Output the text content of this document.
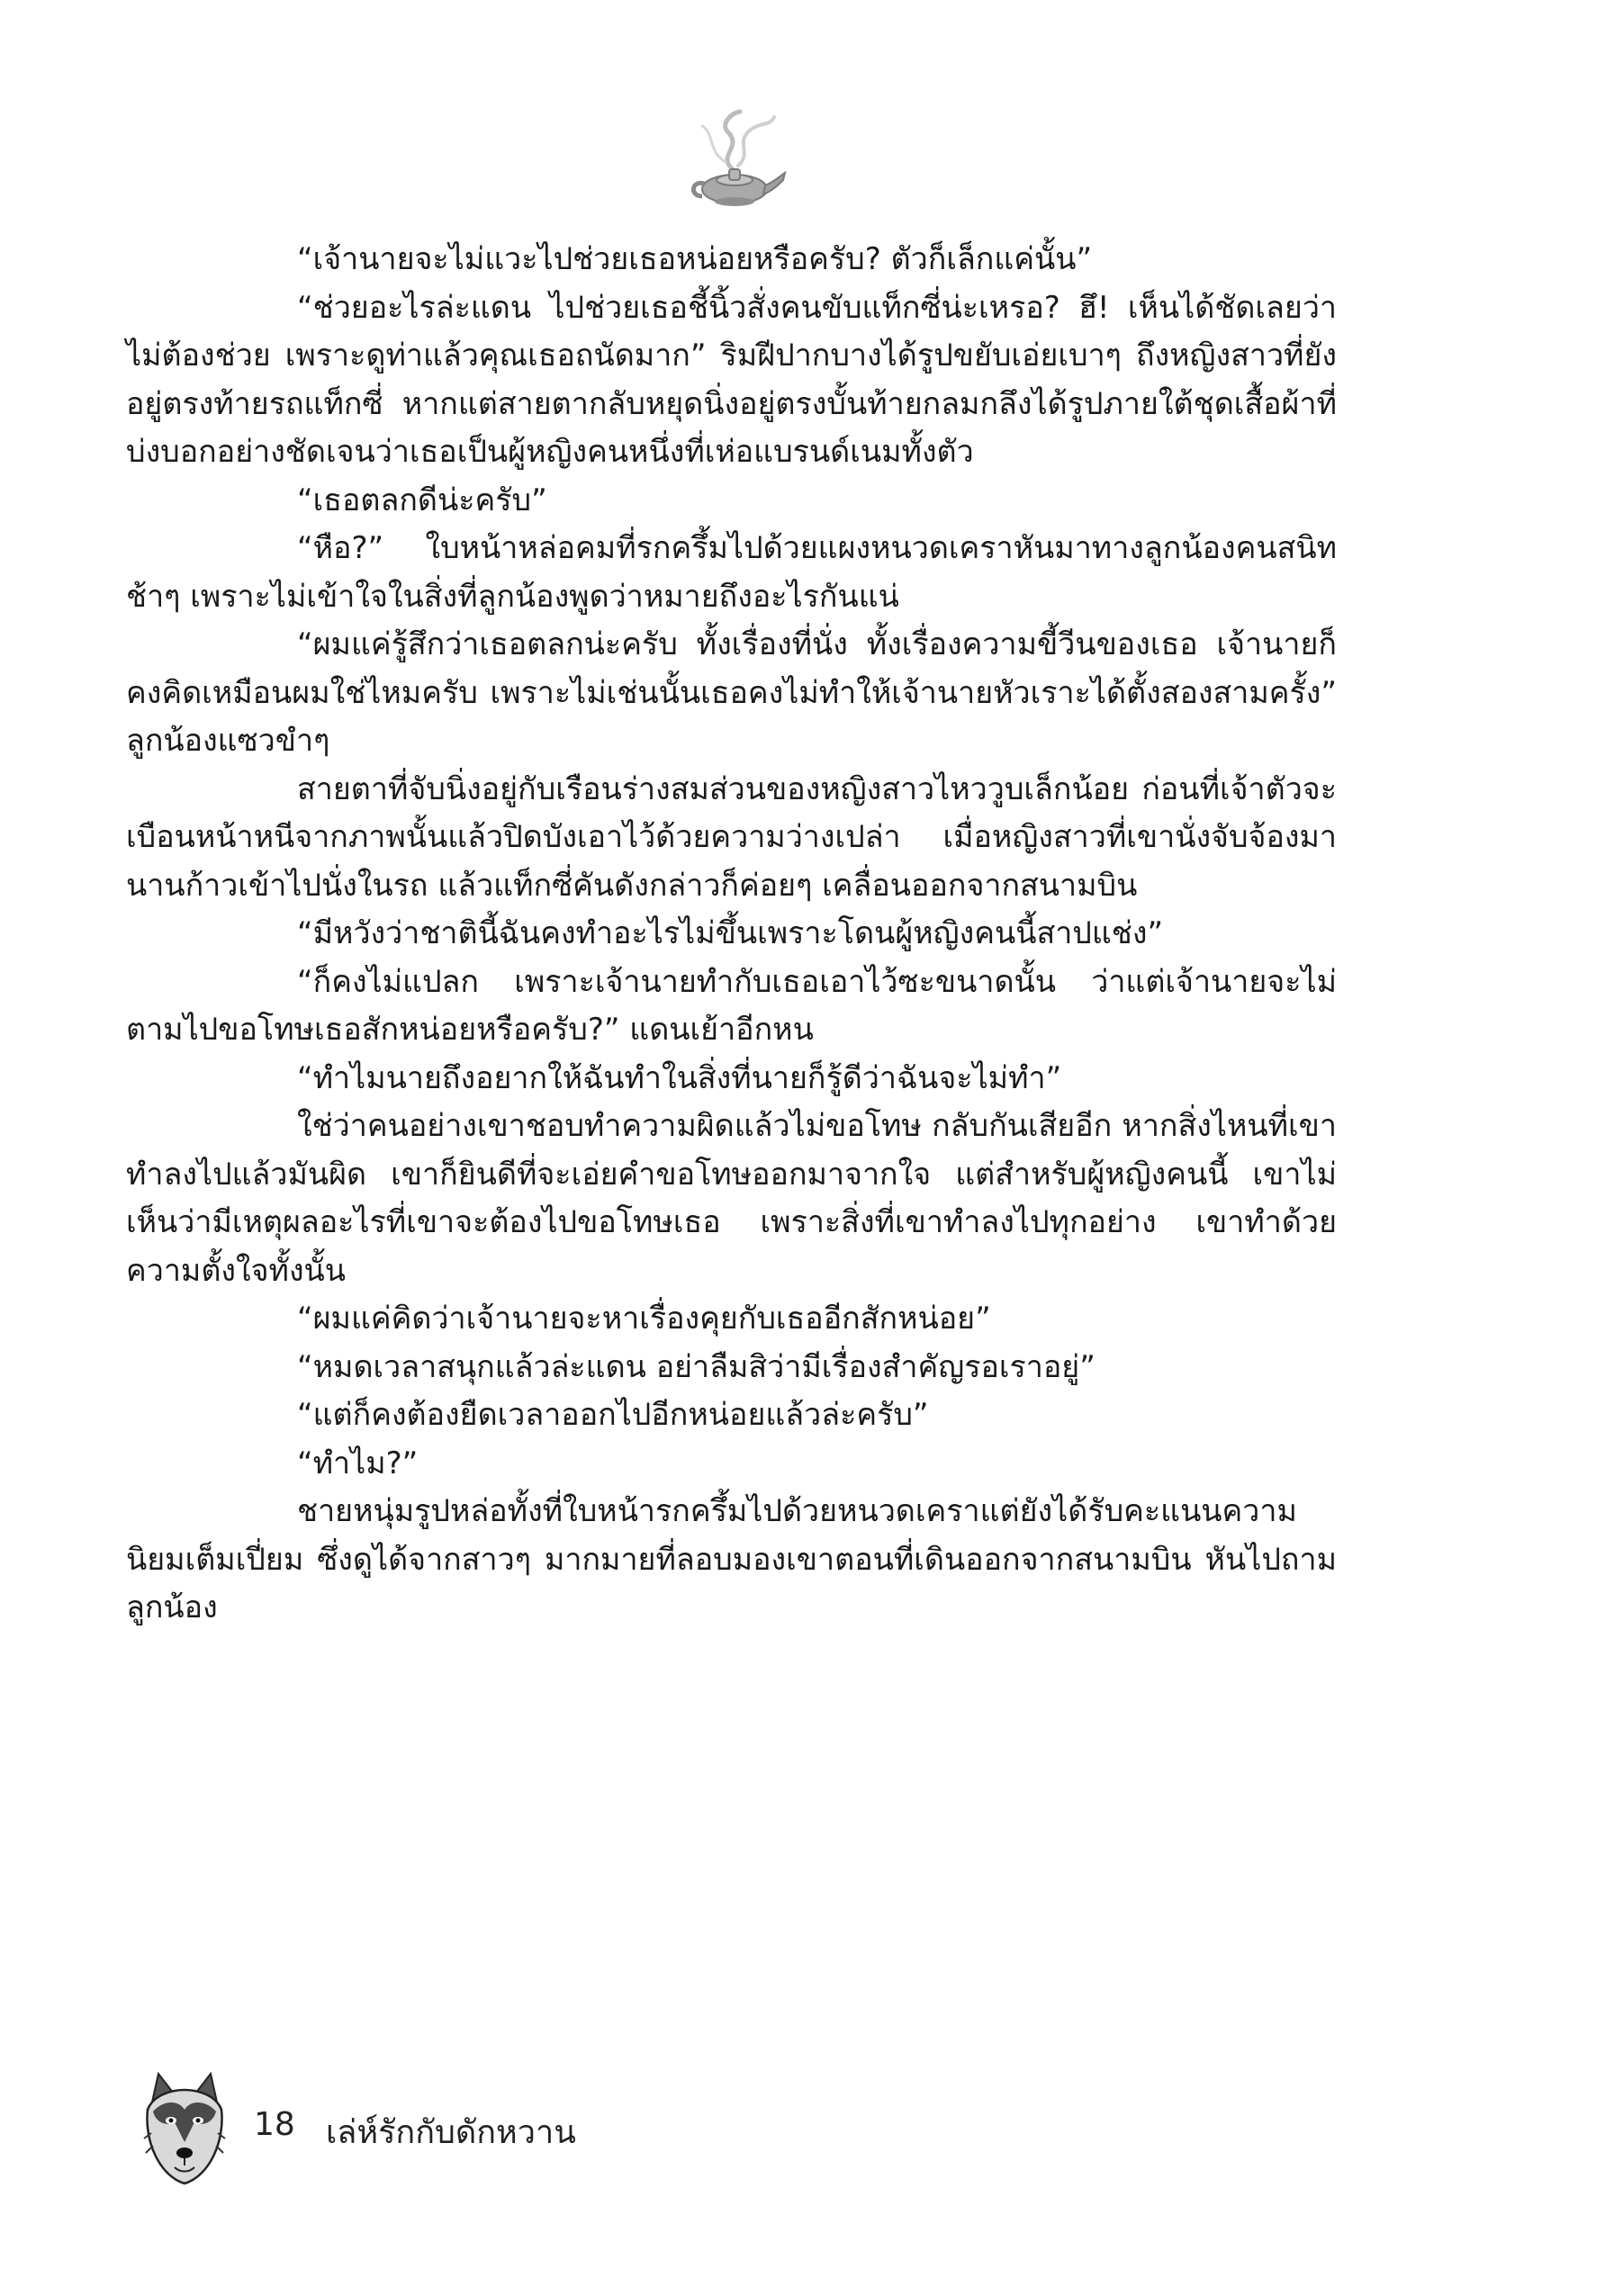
“เจ้านายจะไม่แวะไปช่วยเธอหน่อยหรือครับ? ตัวก็เล็กแค่นั้น”

“ช่วยอะไรล่ะแดน ไปช่วยเธอชี้นิ้วสั่งคนขับแท็กซี่น่ะเหรอ? ฮึ! เห็นได้ชัดเลยว่าไม่ต้องช่วย เพราะดูท่าแล้วคุณเธอถนัดมาก” ริมฝีปากบางได้รูปขยับเอ่ยเบาๆ ถึงหญิงสาวที่ยังอยู่ตรงท้ายรถแท็กซี่ หากแต่สายตากลับหยุดนิ่งอยู่ตรงบั้นท้ายกลมกลึงได้รูปภายใต้ชุดเสื้อผ้าที่บ่งบอกอย่างชัดเจนว่าเธอเป็นผู้หญิงคนหนึ่งที่เห่อแบรนด์เนมทั้งตัว

“เธอตลกดีน่ะครับ”

“หือ?” ใบหน้าหล่อคมที่รกครึ้มไปด้วยแผงหนวดเคราหันมาทางลูกน้องคนสนิทช้าๆ เพราะไม่เข้าใจในสิ่งที่ลูกน้องพูดว่าหมายถึงอะไรกันแน่

“ผมแค่รู้สึกว่าเธอตลกน่ะครับ ทั้งเรื่องที่นั่ง ทั้งเรื่องความขี้วีนของเธอ เจ้านายก็คงคิดเหมือนผมใช่ไหมครับ เพราะไม่เช่นนั้นเธอคงไม่ทำให้เจ้านายหัวเราะได้ตั้งสองสามครั้ง” ลูกน้องแซวขำๆ

สายตาที่จับนิ่งอยู่กับเรือนร่างสมส่วนของหญิงสาวไหววูบเล็กน้อย ก่อนที่เจ้าตัวจะเบือนหน้าหนีจากภาพนั้นแล้วปิดบังเอาไว้ด้วยความว่างเปล่า เมื่อหญิงสาวที่เขานั่งจับจ้องมานานก้าวเข้าไปนั่งในรถ แล้วแท็กซี่คันดังกล่าวก็ค่อยๆ เคลื่อนออกจากสนามบิน

“มีหวังว่าชาตินี้ฉันคงทำอะไรไม่ขึ้นเพราะโดนผู้หญิงคนนี้สาปแช่ง”

“ก็คงไม่แปลก เพราะเจ้านายทำกับเธอเอาไว้ซะขนาดนั้น ว่าแต่เจ้านายจะไม่ตามไปขอโทษเธอสักหน่อยหรือครับ?” แดนเย้าอีกหน

“ทำไมนายถึงอยากให้ฉันทำในสิ่งที่นายก็รู้ดีว่าฉันจะไม่ทำ”

ใช่ว่าคนอย่างเขาชอบทำความผิดแล้วไม่ขอโทษ กลับกันเสียอีก หากสิ่งไหนที่เขาทำลงไปแล้วมันผิด เขาก็ยินดีที่จะเอ่ยคำขอโทษออกมาจากใจ แต่สำหรับผู้หญิงคนนี้ เขาไม่เห็นว่ามีเหตุผลอะไรที่เขาจะต้องไปขอโทษเธอ เพราะสิ่งที่เขาทำลงไปทุกอย่าง เขาทำด้วยความตั้งใจทั้งนั้น

“ผมแค่คิดว่าเจ้านายจะหาเรื่องคุยกับเธออีกสักหน่อย”

“หมดเวลาสนุกแล้วล่ะแดน อย่าลืมสิว่ามีเรื่องสำคัญรอเราอยู่”

“แต่ก็คงต้องยืดเวลาออกไปอีกหน่อยแล้วล่ะครับ”

“ทำไม?”

ชายหนุ่มรูปหล่อทั้งที่ใบหน้ารกครึ้มไปด้วยหนวดเคราแต่ยังได้รับคะแนนความนิยมเต็มเปี่ยม ซึ่งดูได้จากสาวๆ มากมายที่ลอบมองเขาตอนที่เดินออกจากสนามบิน หันไปถามลูกน้อง

18 เล่ห์รักกับดักหวาน
